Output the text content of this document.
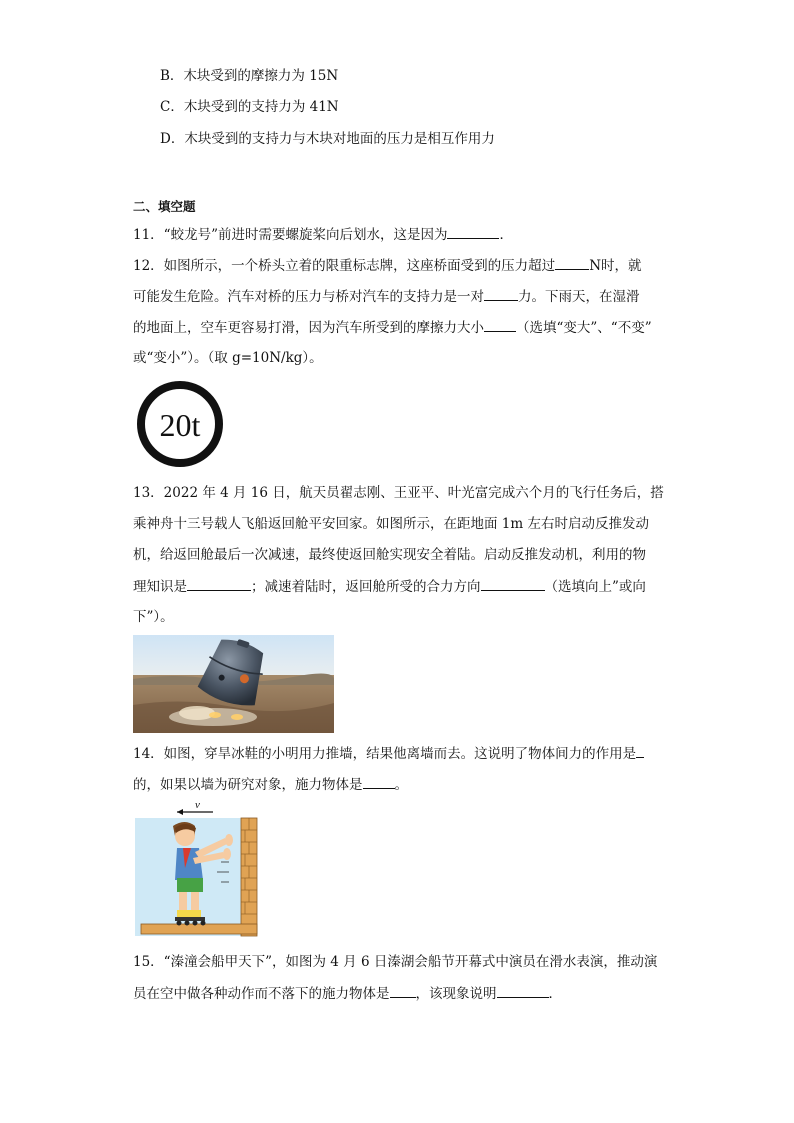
B．木块受到的摩擦力为 15N
C．木块受到的支持力为 41N
D．木块受到的支持力与木块对地面的压力是相互作用力
二、填空题
11．“蛟龙号”前进时需要螺旋桨向后划水，这是因为	．
12．如图所示，一个桥头立着的限重标志牌，这座桥面受到的压力超过	N时，就
可能发生危险。汽车对桥的压力与桥对汽车的支持力是一对	力。下雨天，在湿滑
的地面上，空车更容易打滑，因为汽车所受到的摩擦力大小 （选填“变大”、“不变”
或“变小”）。（取 g=10N/kg）。
20t
13．2022 年 4 月 16 日，航天员翟志刚、王亚平、叶光富完成六个月的飞行任务后，搭
乘神舟十三号载人飞船返回舱平安回家。如图所示，在距地面 1m 左右时启动反推发动
机，给返回舱最后一次减速，最终使返回舱实现安全着陆。启动反推发动机，利用的物
理知识是	；减速着陆时，返回舱所受的合力方向	（选填向上”或向
下”）。
14．如图，穿旱冰鞋的小明用力推墙，结果他离墙而去。这说明了物体间力的作用是
的，如果以墙为研究对象，施力物体是 。
v
15．“溱潼会船甲天下”，如图为 4 月 6 日溱湖会船节开幕式中演员在滑水表演，推动演
员在空中做各种动作而不落下的施力物体是 ，该现象说明	．
